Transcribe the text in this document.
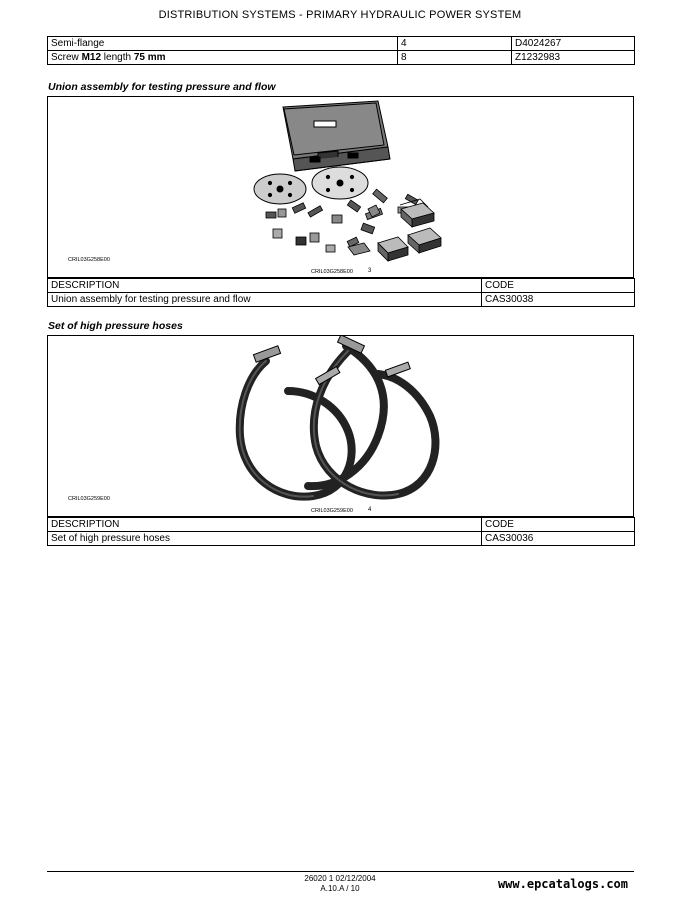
DISTRIBUTION SYSTEMS - PRIMARY HYDRAULIC POWER SYSTEM
Semi-flange	4	D4024267
Screw M12 length 75 mm	8	Z1232983
Union assembly for testing pressure and flow
CRIL03G258E00
CRIL03G258E00	3
DESCRIPTION	CODE
Union assembly for testing pressure and flow	CAS30038
Set of high pressure hoses
CRIL03G259E00
CRIL03G259E00	4
DESCRIPTION	CODE
Set of high pressure hoses	CAS30036
26020 1 02/12/2004
A.10.A / 10	www.epcatalogs.com
